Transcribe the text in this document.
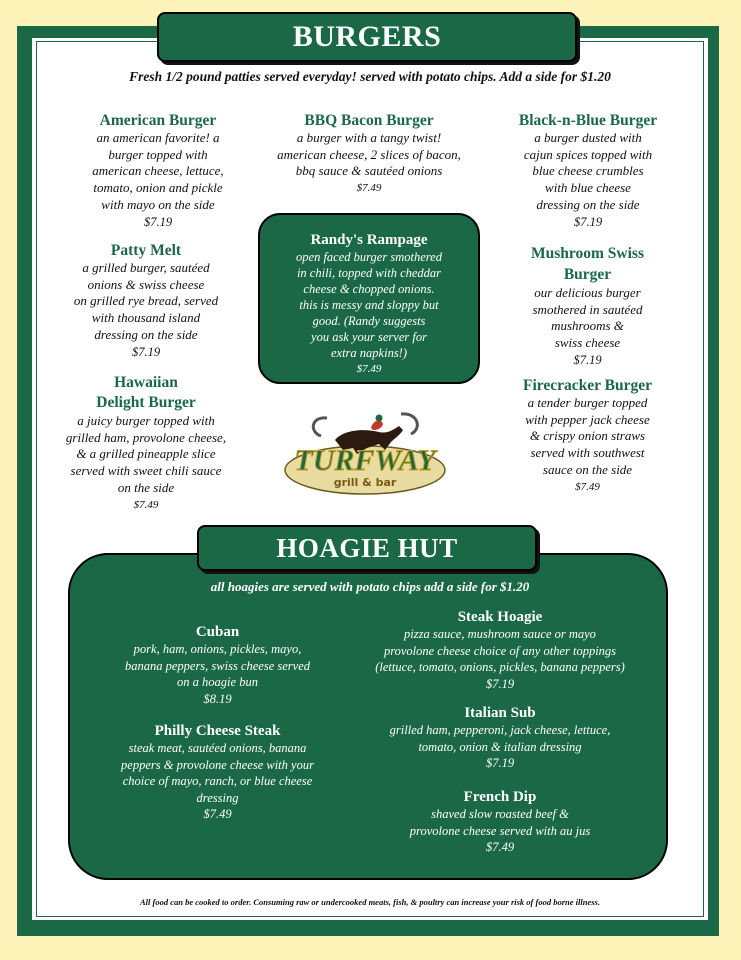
BURGERS
Fresh 1/2 pound patties served everyday! served with potato chips. Add a side for $1.20
American Burger
an american favorite! a
burger topped with
american cheese, lettuce,
tomato, onion and pickle
with mayo on the side
$7.19
BBQ Bacon Burger
a burger with a tangy twist!
american cheese, 2 slices of bacon,
bbq sauce & sautéed onions
$7.49
Black-n-Blue Burger
a burger dusted with
cajun spices topped with
blue cheese crumbles
with blue cheese
dressing on the side
$7.19
Patty Melt
a grilled burger, sautéed
onions & swiss cheese
on grilled rye bread, served
with thousand island
dressing on the side
$7.19
Randy's Rampage
open faced burger smothered
in chili, topped with cheddar
cheese & chopped onions.
this is messy and sloppy but
good. (Randy suggests
you ask your server for
extra napkins!)
$7.49
Mushroom Swiss
Burger
our delicious burger
smothered in sautéed
mushrooms &
swiss cheese
$7.19
Hawaiian
Delight Burger
a juicy burger topped with
grilled ham, provolone cheese,
& a grilled pineapple slice
served with sweet chili sauce
on the side
$7.49
Firecracker Burger
a tender burger topped
with pepper jack cheese
& crispy onion straws
served with southwest
sauce on the side
$7.49
TURFWAY
grill & bar
HOAGIE HUT
all hoagies are served with potato chips add a side for $1.20
Cuban
pork, ham, onions, pickles, mayo,
banana peppers, swiss cheese served
on a hoagie bun
$8.19
Philly Cheese Steak
steak meat, sautéed onions, banana
peppers & provolone cheese with your
choice of mayo, ranch, or blue cheese
dressing
$7.49
Steak Hoagie
pizza sauce, mushroom sauce or mayo
provolone cheese choice of any other toppings
(lettuce, tomato, onions, pickles, banana peppers)
$7.19
Italian Sub
grilled ham, pepperoni, jack cheese, lettuce,
tomato, onion & italian dressing
$7.19
French Dip
shaved slow roasted beef &
provolone cheese served with au jus
$7.49
menupix
All food can be cooked to order. Consuming raw or undercooked meats, fish, & poultry can increase your risk of food borne illness.
